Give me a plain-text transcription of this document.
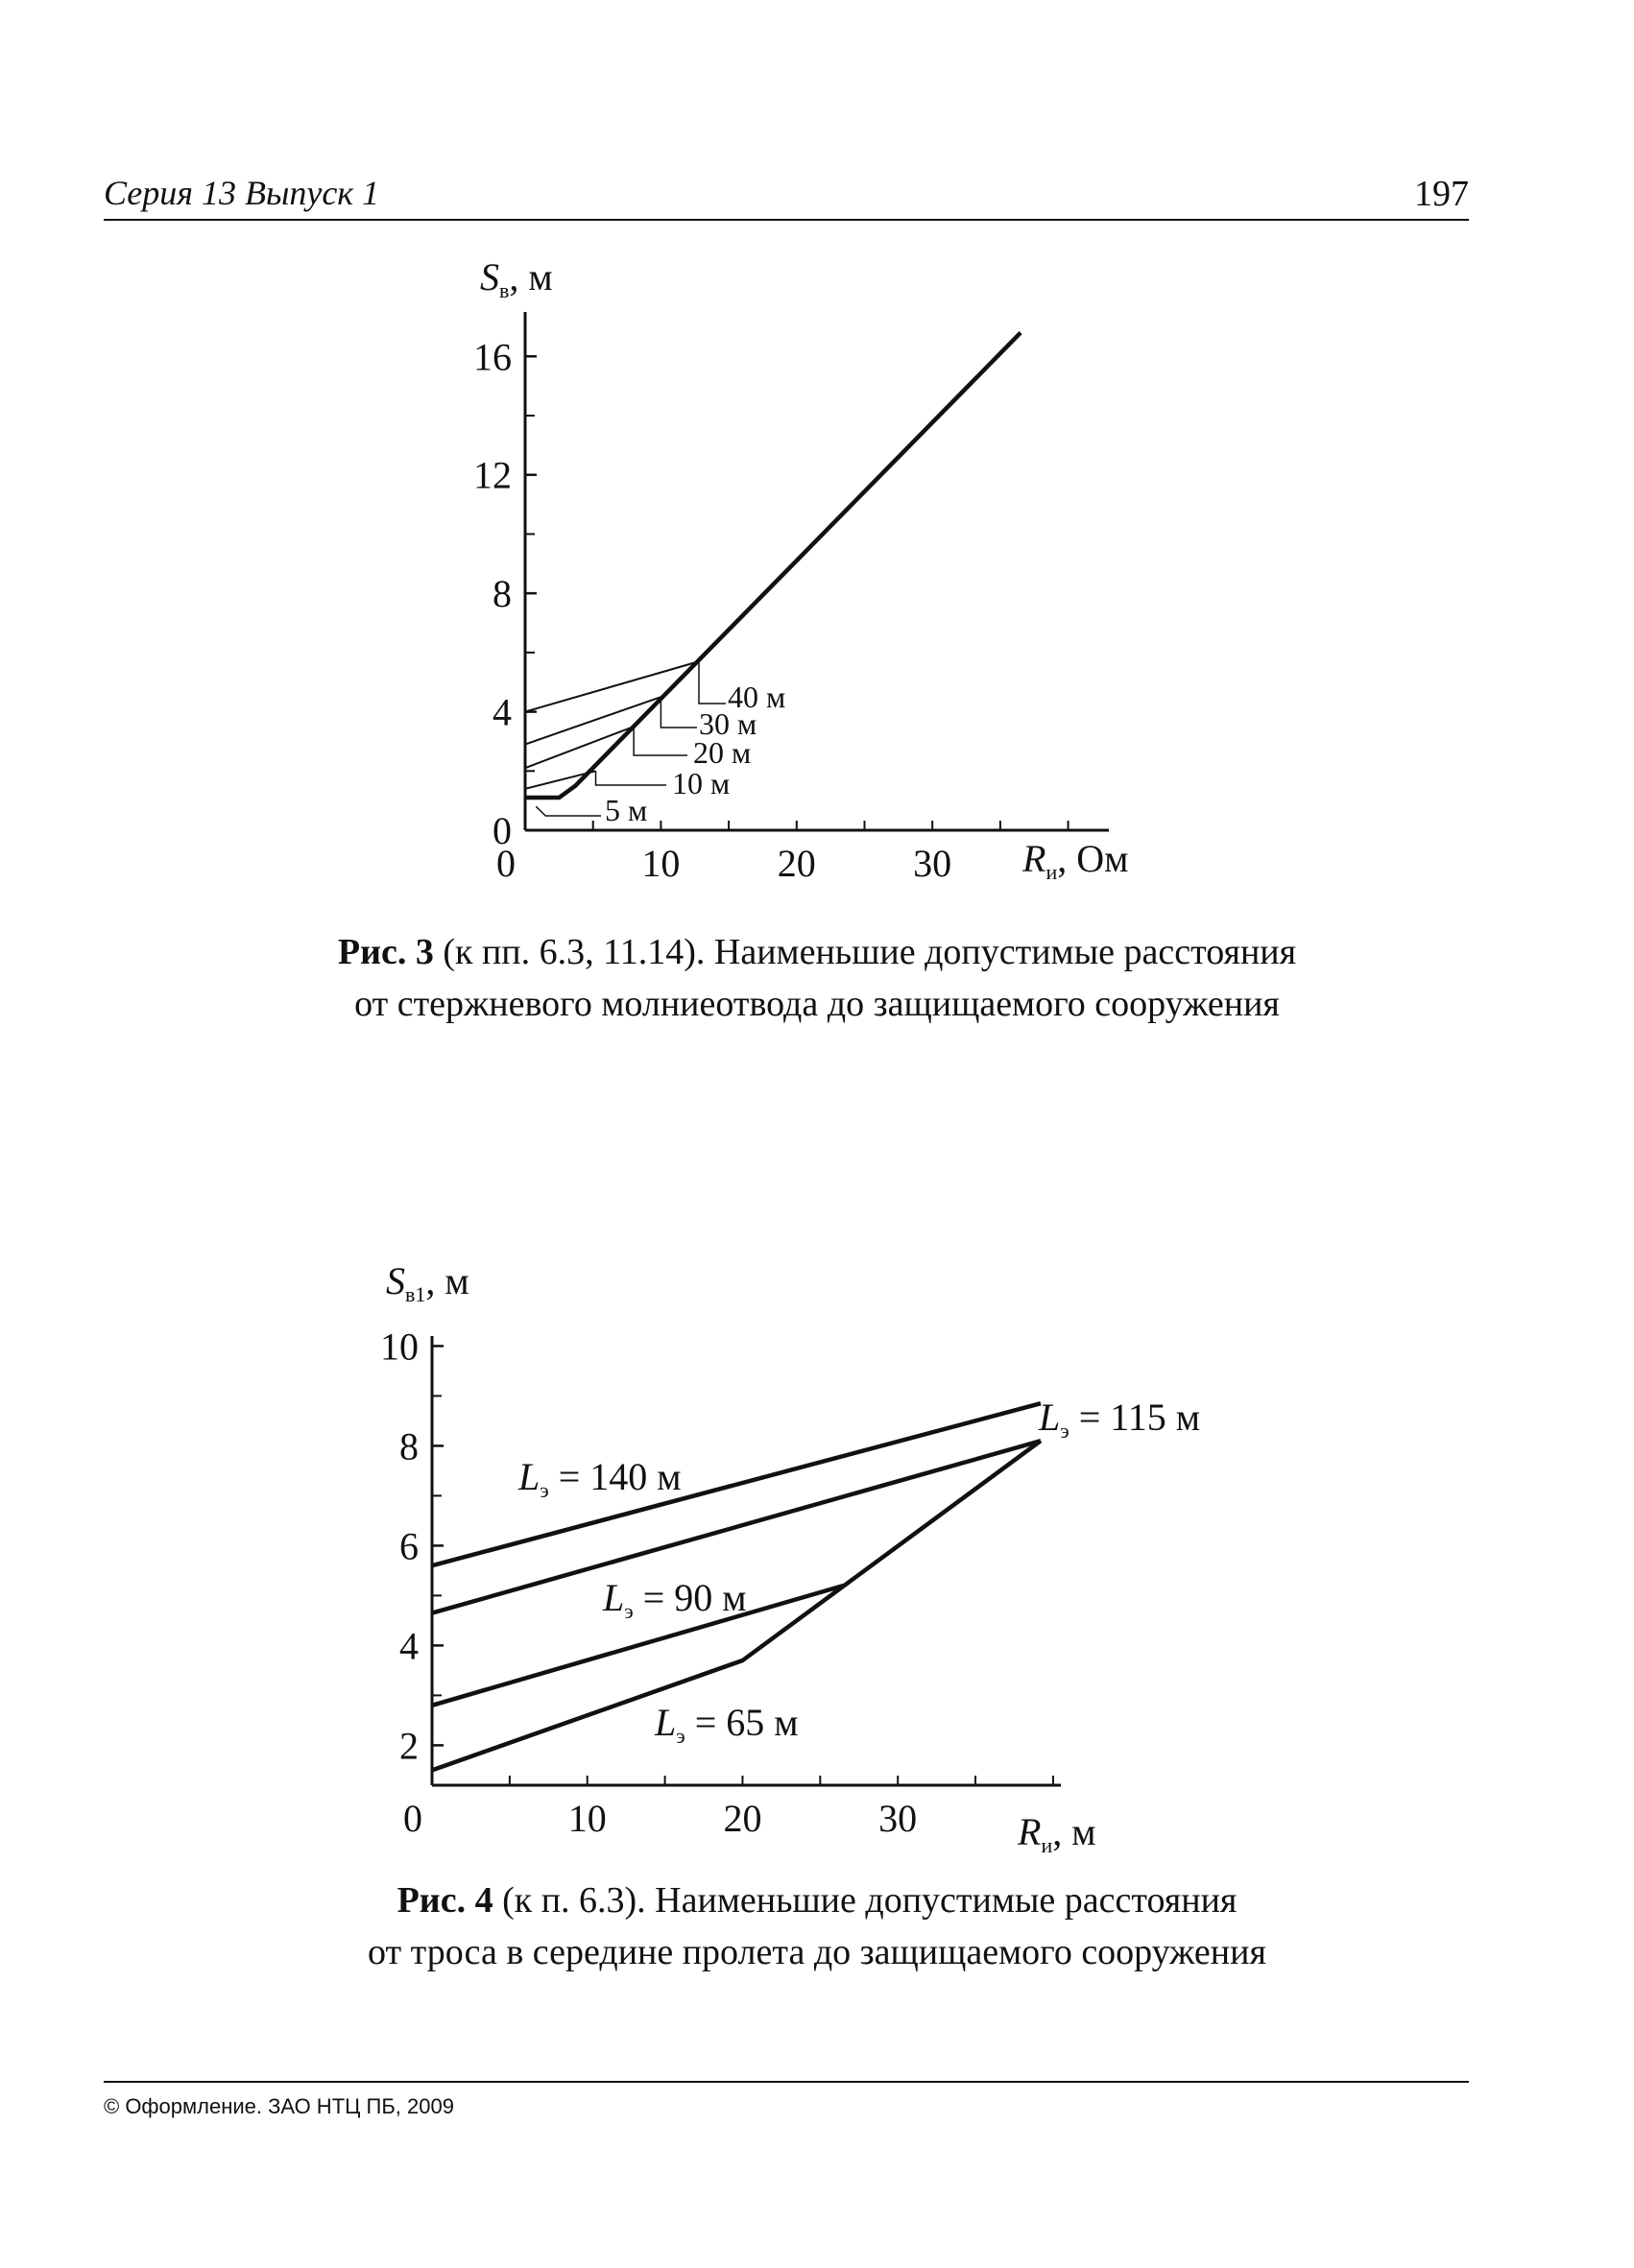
Серия 13 Выпуск 1	197
$S_в$, м
$R_и$, Ом
0
4
8
12
16
0	10	20	30
5 м
10 м
20 м
30 м
40 м
Рис. 3 (к пп. 6.3, 11.14). Наименьшие допустимые расстояния
от стержневого молниеотвода до защищаемого сооружения
$S_{в1}$, м
$R_и$, м
2
4
6
8
10
0	10	20	30
$L_э = 140$ м
$L_э = 115$ м
$L_э = 90$ м
$L_э = 65$ м
Рис. 4 (к п. 6.3). Наименьшие допустимые расстояния
от троса в середине пролета до защищаемого сооружения
© Оформление. ЗАО НТЦ ПБ, 2009
